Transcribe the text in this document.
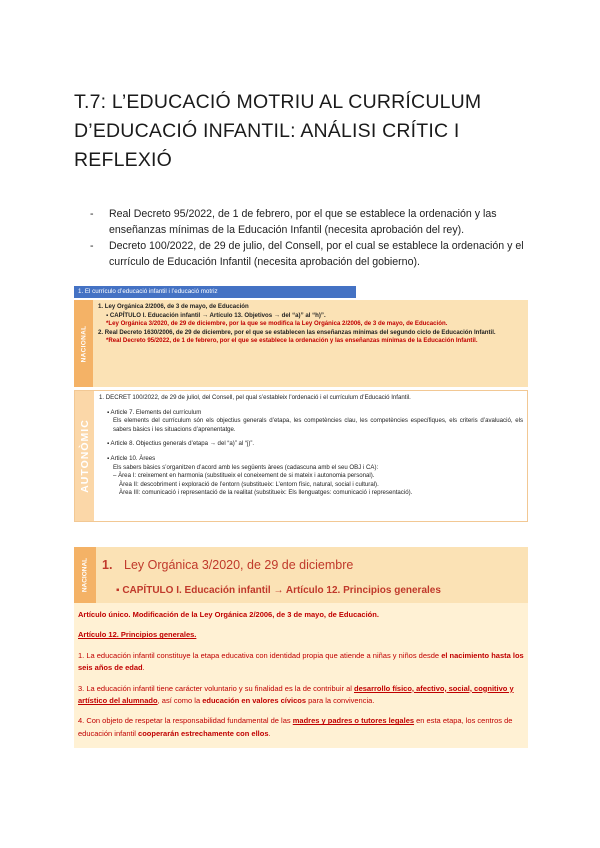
T.7: L’EDUCACIÓ MOTRIU AL CURRÍCULUM D’EDUCACIÓ INFANTIL: ANÁLISI CRÍTIC I REFLEXIÓ
- Real Decreto 95/2022, de 1 de febrero, por el que se establece la ordenación y las enseñanzas mínimas de la Educación Infantil (necesita aprobación del rey).
- Decreto 100/2022, de 29 de julio, del Consell, por el cual se establece la ordenación y el currículo de Educación Infantil (necesita aprobación del gobierno).
1. El currículo d’educació infantil i l’educació motriz
NACIONAL
1. Ley Orgánica 2/2006, de 3 de mayo, de Educación
▪ CAPÍTULO I. Educación infantil → Artículo 13. Objetivos → del “a)” al “h)”.
*Ley Orgánica 3/2020, de 29 de diciembre, por la que se modifica la Ley Orgánica 2/2006, de 3 de mayo, de Educación.
2. Real Decreto 1630/2006, de 29 de diciembre, por el que se establecen las enseñanzas mínimas del segundo ciclo de Educación Infantil.
*Real Decreto 95/2022, de 1 de febrero, por el que se establece la ordenación y las enseñanzas mínimas de la Educación Infantil.
AUTONÒMIC
1. DECRET 100/2022, de 29 de juliol, del Consell, pel qual s’estableix l’ordenació i el currículum d’Educació Infantil.
▪ Article 7. Elements del currículum
Els elements del currículum són els objectius generals d’etapa, les competències clau, les competències específiques, els criteris d’avaluació, els sabers bàsics i les situacions d’aprenentatge.
▪ Article 8. Objectius generals d’etapa → del “a)” al “j)”.
▪ Article 10. Àrees
Els sabers bàsics s’organitzen d’acord amb les següents àrees (cadascuna amb el seu OBJ i CA):
– Àrea I: creixement en harmonia (substitueix el coneixement de si mateix i autonomia personal).
Àrea II: descobriment i exploració de l’entorn (substitueix: L’entorn físic, natural, social i cultural).
Àrea III: comunicació i representació de la realitat (substitueix: Els llenguatges: comunicació i representació).
NACIONAL 1. Ley Orgánica 3/2020, de 29 de diciembre
▪ CAPÍTULO I. Educación infantil → Artículo 12. Principios generales

Artículo único. Modificación de la Ley Orgánica 2/2006, de 3 de mayo, de Educación.

Artículo 12. Principios generales.

1. La educación infantil constituye la etapa educativa con identidad propia que atiende a niñas y niños desde el nacimiento hasta los seis años de edad.

3. La educación infantil tiene carácter voluntario y su finalidad es la de contribuir al desarrollo físico, afectivo, social, cognitivo y artístico del alumnado, así como la educación en valores cívicos para la convivencia.

4. Con objeto de respetar la responsabilidad fundamental de las madres y padres o tutores legales en esta etapa, los centros de educación infantil cooperarán estrechamente con ellos.
